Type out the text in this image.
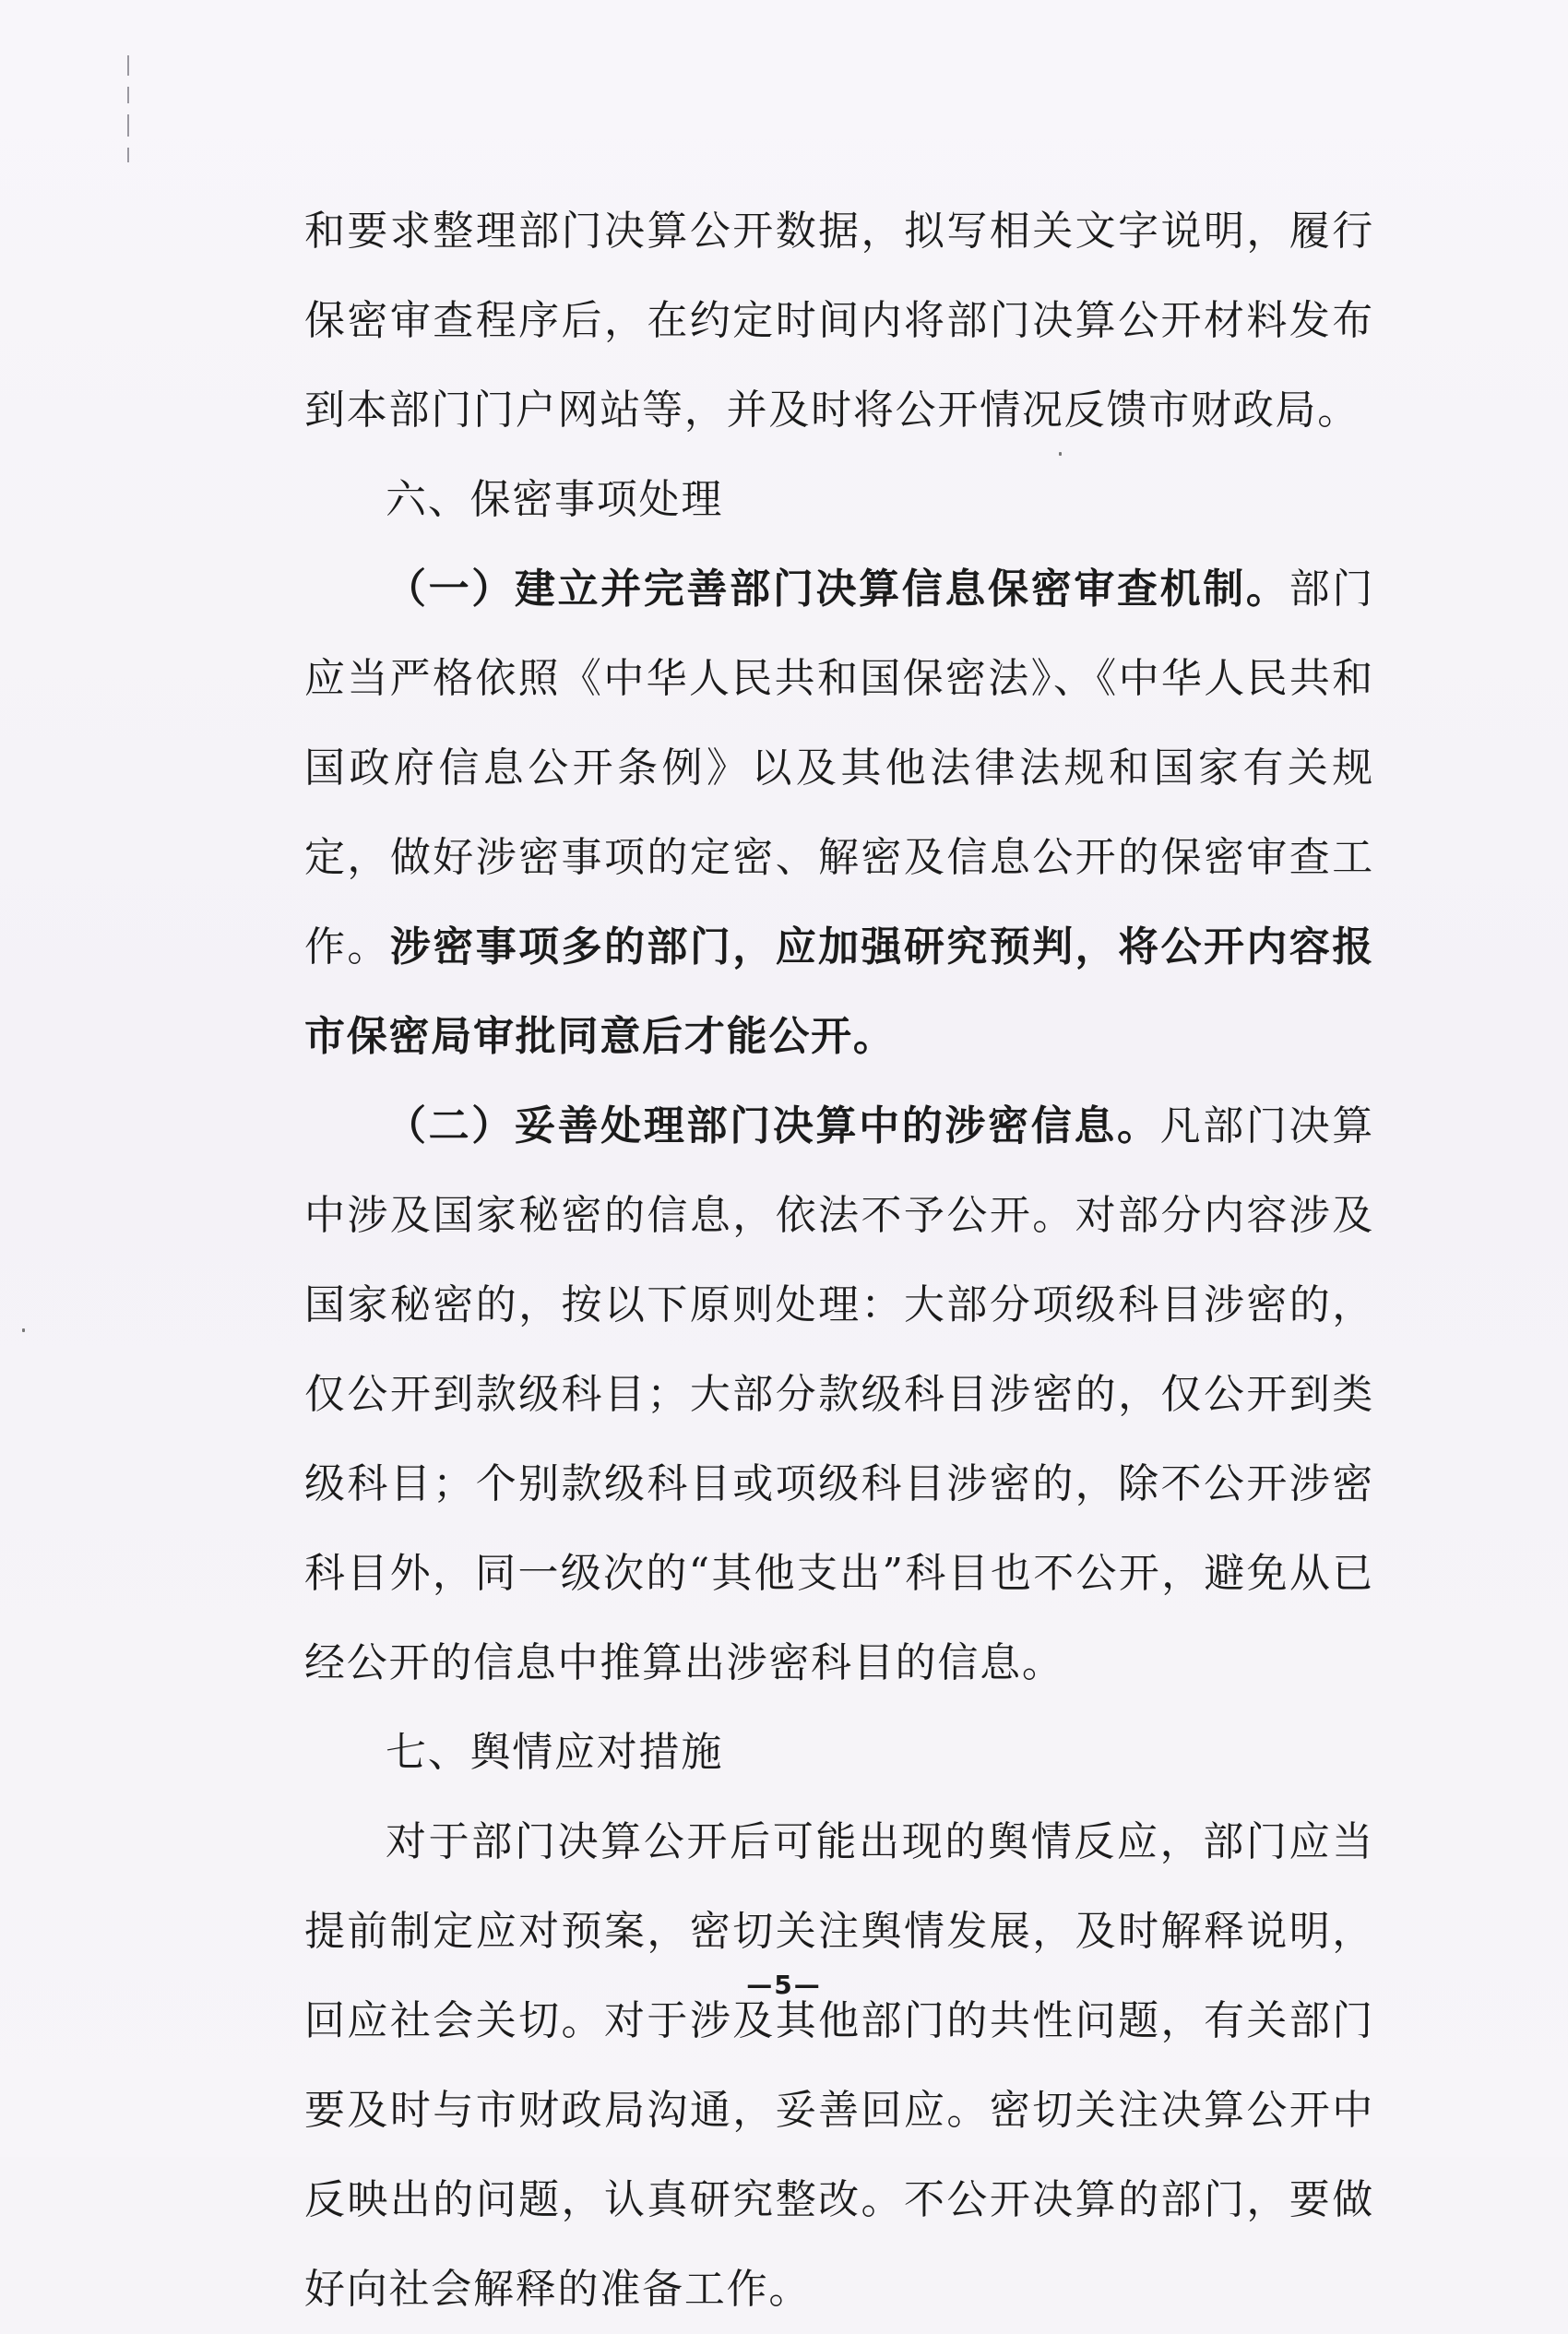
和要求整理部门决算公开数据，拟写相关文字说明，履行保密审查程序后，在约定时间内将部门决算公开材料发布到本部门门户网站等，并及时将公开情况反馈市财政局。

六、保密事项处理

（一）建立并完善部门决算信息保密审查机制。部门应当严格依照《中华人民共和国保密法》、《中华人民共和国政府信息公开条例》以及其他法律法规和国家有关规定，做好涉密事项的定密、解密及信息公开的保密审查工作。涉密事项多的部门，应加强研究预判，将公开内容报市保密局审批同意后才能公开。

（二）妥善处理部门决算中的涉密信息。凡部门决算中涉及国家秘密的信息，依法不予公开。对部分内容涉及国家秘密的，按以下原则处理：大部分项级科目涉密的，仅公开到款级科目；大部分款级科目涉密的，仅公开到类级科目；个别款级科目或项级科目涉密的，除不公开涉密科目外，同一级次的“其他支出”科目也不公开，避免从已经公开的信息中推算出涉密科目的信息。

七、舆情应对措施

对于部门决算公开后可能出现的舆情反应，部门应当提前制定应对预案，密切关注舆情发展，及时解释说明，回应社会关切。对于涉及其他部门的共性问题，有关部门要及时与市财政局沟通，妥善回应。密切关注决算公开中反映出的问题，认真研究整改。不公开决算的部门，要做好向社会解释的准备工作。

—5—
